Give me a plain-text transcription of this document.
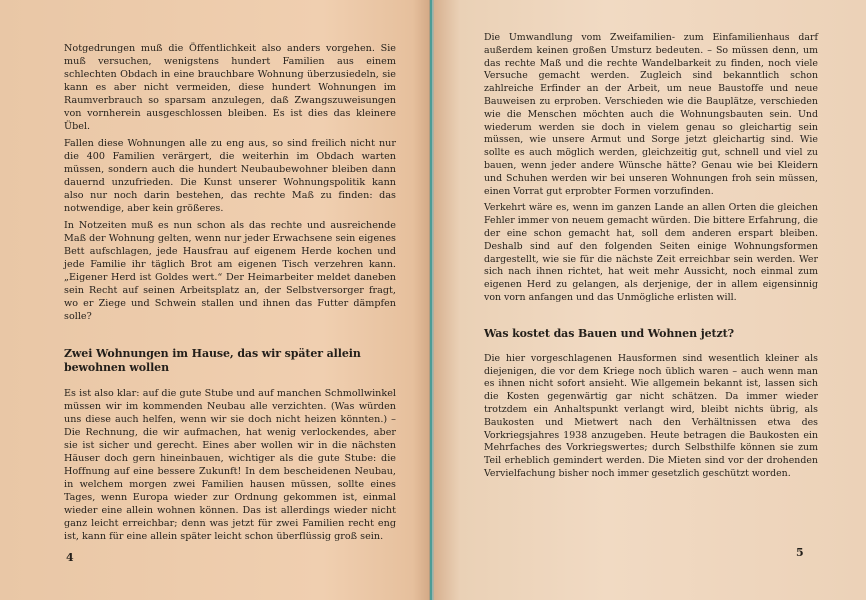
Notgedrungen muß die Öffentlichkeit also anders vorgehen. Sie muß versuchen, wenigstens hundert Familien aus einem schlechten Obdach in eine brauchbare Wohnung überzusiedeln, sie kann es aber nicht vermeiden, diese hundert Wohnungen im Raumverbrauch so sparsam anzulegen, daß Zwangszuweisungen von vornherein ausgeschlossen bleiben. Es ist dies das kleinere Übel.

Fallen diese Wohnungen alle zu eng aus, so sind freilich nicht nur die 400 Familien verärgert, die weiterhin im Obdach warten müssen, sondern auch die hundert Neubaubewohner bleiben dann dauernd unzufrieden. Die Kunst unserer Wohnungspolitik kann also nur noch darin bestehen, das rechte Maß zu finden: das notwendige, aber kein größeres.

In Notzeiten muß es nun schon als das rechte und ausreichende Maß der Wohnung gelten, wenn nur jeder Erwachsene sein eigenes Bett aufschlagen, jede Hausfrau auf eigenem Herde kochen und jede Familie ihr täglich Brot am eigenen Tisch verzehren kann. „Eigener Herd ist Goldes wert.“ Der Heimarbeiter meldet daneben sein Recht auf seinen Arbeitsplatz an, der Selbstversorger fragt, wo er Ziege und Schwein stallen und ihnen das Futter dämpfen solle?

Zwei Wohnungen im Hause, das wir später allein bewohnen wollen

Es ist also klar: auf die gute Stube und auf manchen Schmollwinkel müssen wir im kommenden Neubau alle verzichten. (Was würden uns diese auch helfen, wenn wir sie doch nicht heizen könnten.) – Die Rechnung, die wir aufmachen, hat wenig verlockendes, aber sie ist sicher und gerecht. Eines aber wollen wir in die nächsten Häuser doch gern hineinbauen, wichtiger als die gute Stube: die Hoffnung auf eine bessere Zukunft! In dem bescheidenen Neubau, in welchem morgen zwei Familien hausen müssen, sollte eines Tages, wenn Europa wieder zur Ordnung gekommen ist, einmal wieder eine allein wohnen können. Das ist allerdings wieder nicht ganz leicht erreichbar; denn was jetzt für zwei Familien recht eng ist, kann für eine allein später leicht schon überflüssig groß sein.

Die Umwandlung vom Zweifamilien- zum Einfamilienhaus darf außerdem keinen großen Umsturz bedeuten. – So müssen denn, um das rechte Maß und die rechte Wandelbarkeit zu finden, noch viele Versuche gemacht werden. Zugleich sind bekanntlich schon zahlreiche Erfinder an der Arbeit, um neue Baustoffe und neue Bauweisen zu erproben. Verschieden wie die Bauplätze, verschieden wie die Menschen möchten auch die Wohnungsbauten sein. Und wiederum werden sie doch in vielem genau so gleichartig sein müssen, wie unsere Armut und Sorge jetzt gleichartig sind. Wie sollte es auch möglich werden, gleichzeitig gut, schnell und viel zu bauen, wenn jeder andere Wünsche hätte? Genau wie bei Kleidern und Schuhen werden wir bei unseren Wohnungen froh sein müssen, einen Vorrat gut erprobter Formen vorzufinden.

Verkehrt wäre es, wenn im ganzen Lande an allen Orten die gleichen Fehler immer von neuem gemacht würden. Die bittere Erfahrung, die der eine schon gemacht hat, soll dem anderen erspart bleiben. Deshalb sind auf den folgenden Seiten einige Wohnungsformen dargestellt, wie sie für die nächste Zeit erreichbar sein werden. Wer sich nach ihnen richtet, hat weit mehr Aussicht, noch einmal zum eigenen Herd zu gelangen, als derjenige, der in allem eigensinnig von vorn anfangen und das Unmögliche erlisten will.

Was kostet das Bauen und Wohnen jetzt?

Die hier vorgeschlagenen Hausformen sind wesentlich kleiner als diejenigen, die vor dem Kriege noch üblich waren – auch wenn man es ihnen nicht sofort ansieht. Wie allgemein bekannt ist, lassen sich die Kosten gegenwärtig gar nicht schätzen. Da immer wieder trotzdem ein Anhaltspunkt verlangt wird, bleibt nichts übrig, als Baukosten und Mietwert nach den Verhältnissen etwa des Vorkriegsjahres 1938 anzugeben. Heute betragen die Baukosten ein Mehrfaches des Vorkriegswertes; durch Selbsthilfe können sie zum Teil erheblich gemindert werden. Die Mieten sind vor der drohenden Vervielfachung bisher noch immer gesetzlich geschützt worden.

4	5
